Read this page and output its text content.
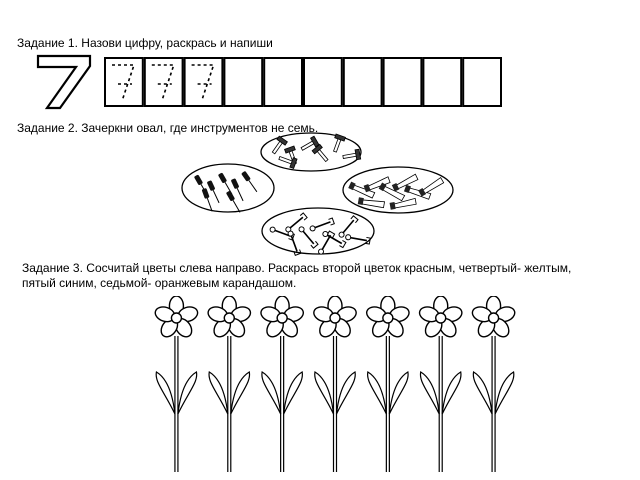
Задание 1. Назови цифру, раскрась и напиши

Задание 2. Зачеркни овал, где инструментов не семь.

Задание 3. Сосчитай цветы слева направо. Раскрась второй цветок красным, четвертый- желтым,
пятый синим, седьмой- оранжевым карандашом.
